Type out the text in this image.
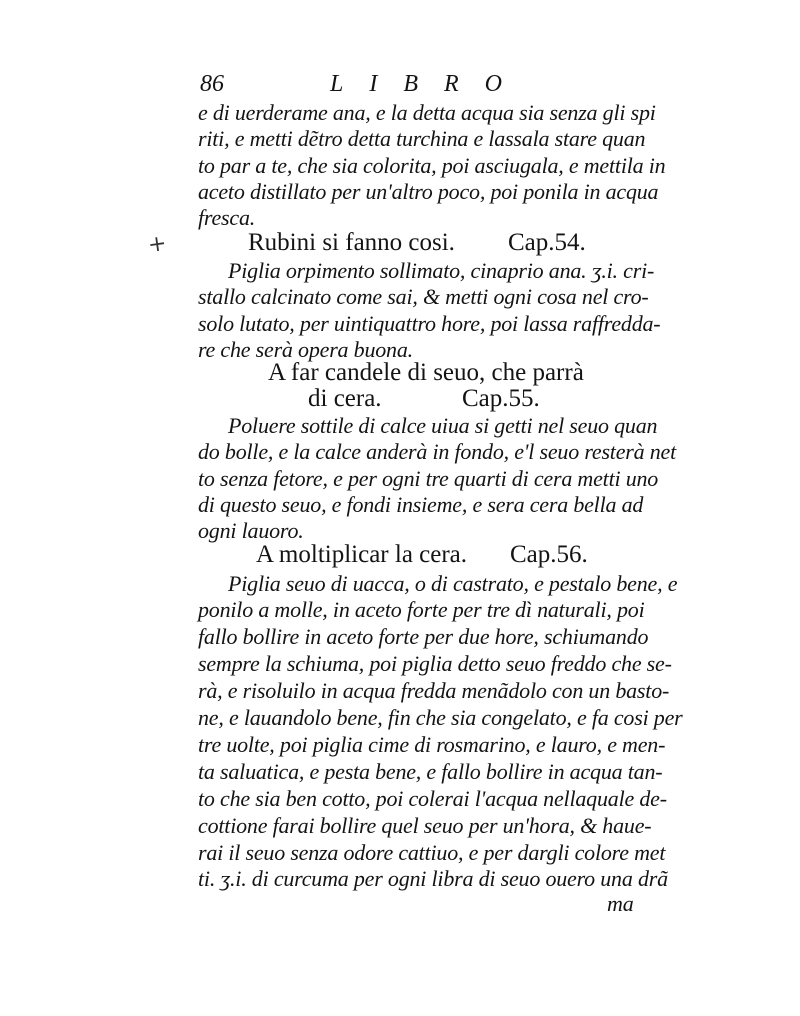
86	LIBRO
e di uerderame ana, e la detta acqua sia senza gli spi
riti, e metti dẽtro detta turchina e lassala stare quan
to par a te, che sia colorita, poi asciugala, e mettila in
aceto distillato per un'altro poco, poi ponila in acqua
fresca.
+	Rubini si fanno cosi. Cap.54.
Piglia orpimento sollimato, cinaprio ana. ʒ.i. cri-
stallo calcinato come sai, & metti ogni cosa nel cro-
solo lutato, per uintiquattro hore, poi lassa raffredda-
re che serà opera buona.
A far candele di seuo, che parrà
di cera.	Cap.55.
Poluere sottile di calce uiua si getti nel seuo quan
do bolle, e la calce anderà in fondo, e'l seuo resterà net
to senza fetore, e per ogni tre quarti di cera metti uno
di questo seuo, e fondi insieme, e sera cera bella ad
ogni lauoro.
A moltiplicar la cera. Cap.56.
Piglia seuo di uacca, o di castrato, e pestalo bene, e
ponilo a molle, in aceto forte per tre dì naturali, poi
fallo bollire in aceto forte per due hore, schiumando
sempre la schiuma, poi piglia detto seuo freddo che se-
rà, e risoluilo in acqua fredda menãdolo con un basto-
ne, e lauandolo bene, fin che sia congelato, e fa cosi per
tre uolte, poi piglia cime di rosmarino, e lauro, e men-
ta saluatica, e pesta bene, e fallo bollire in acqua tan-
to che sia ben cotto, poi colerai l'acqua nellaquale de-
cottione farai bollire quel seuo per un'hora, & haue-
rai il seuo senza odore cattiuo, e per dargli colore met
ti. ʒ.i. di curcuma per ogni libra di seuo ouero una drã
ma
